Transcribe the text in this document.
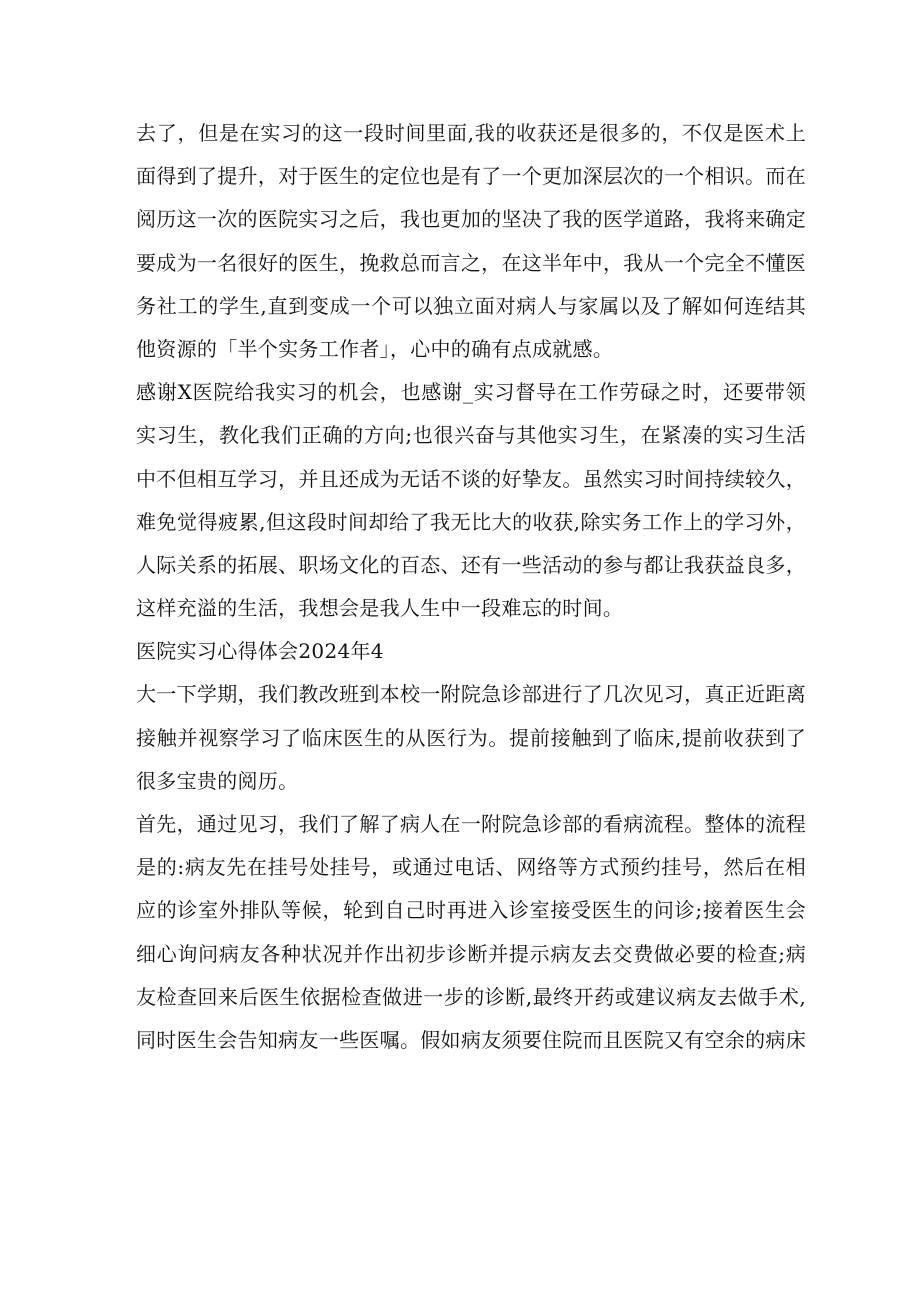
去了，但是在实习的这一段时间里面,我的收获还是很多的，不仅是医术上
面得到了提升，对于医生的定位也是有了一个更加深层次的一个相识。而在
阅历这一次的医院实习之后，我也更加的坚决了我的医学道路，我将来确定
要成为一名很好的医生，挽救总而言之，在这半年中，我从一个完全不懂医
务社工的学生,直到变成一个可以独立面对病人与家属以及了解如何连结其
他资源的「半个实务工作者」，心中的确有点成就感。
感谢X医院给我实习的机会，也感谢_实习督导在工作劳碌之时，还要带领
实习生，教化我们正确的方向;也很兴奋与其他实习生，在紧凑的实习生活
中不但相互学习，并且还成为无话不谈的好挚友。虽然实习时间持续较久，
难免觉得疲累,但这段时间却给了我无比大的收获,除实务工作上的学习外，
人际关系的拓展、职场文化的百态、还有一些活动的参与都让我获益良多，
这样充溢的生活，我想会是我人生中一段难忘的时间。
医院实习心得体会2024年4
大一下学期，我们教改班到本校一附院急诊部进行了几次见习，真正近距离
接触并视察学习了临床医生的从医行为。提前接触到了临床,提前收获到了
很多宝贵的阅历。
首先，通过见习，我们了解了病人在一附院急诊部的看病流程。整体的流程
是的:病友先在挂号处挂号，或通过电话、网络等方式预约挂号，然后在相
应的诊室外排队等候，轮到自己时再进入诊室接受医生的问诊;接着医生会
细心询问病友各种状况并作出初步诊断并提示病友去交费做必要的检查;病
友检查回来后医生依据检查做进一步的诊断,最终开药或建议病友去做手术,
同时医生会告知病友一些医嘱。假如病友须要住院而且医院又有空余的病床
